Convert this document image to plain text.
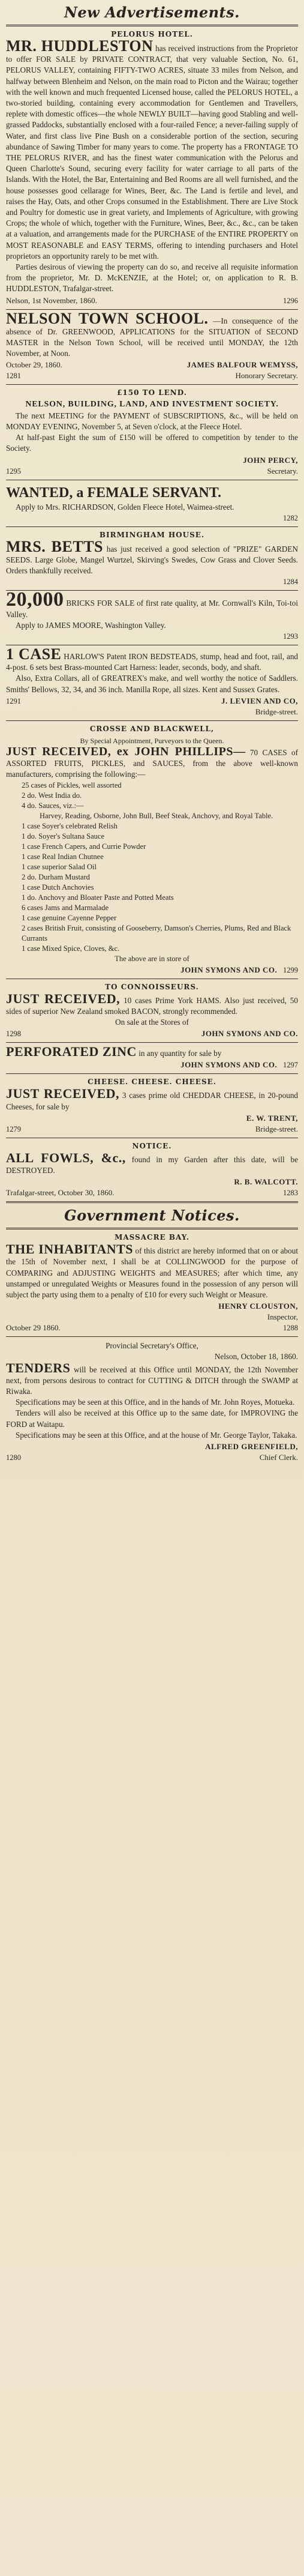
New Advertisements.
PELORUS HOTEL.

MR. HUDDLESTON has received instructions from the Proprietor to offer FOR SALE by PRIVATE CONTRACT, that very valuable Section, No. 61, PELORUS VALLEY, containing FIFTY-TWO ACRES, situate 33 miles from Nelson, and halfway between Blenheim and Nelson, on the main road to Picton and the Wairau; together with the well known and much frequented Licensed house, called the PELORUS HOTEL, a two-storied building, containing every accommodation for Gentlemen and Travellers, replete with domestic offices—the whole NEWLY BUILT—having good Stabling and well-grassed Paddocks, substantially enclosed with a four-railed Fence; a never-failing supply of Water, and first class live Pine Bush on a considerable portion of the section, securing abundance of Sawing Timber for many years to come. The property has a FRONTAGE TO THE PELORUS RIVER, and has the finest water communication with the Pelorus and Queen Charlotte's Sound, securing every facility for water carriage to all parts of the Islands. With the Hotel, the Bar, Entertaining and Bed Rooms are all well furnished, and the house possesses good cellarage for Wines, Beer, &c. The Land is fertile and level, and raises the Hay, Oats, and other Crops consumed in the Establishment. There are Live Stock and Poultry for domestic use in great variety, and Implements of Agriculture, with growing Crops; the whole of which, together with the Furniture, Wines, Beer, &c., &c., can be taken at a valuation, and arrangements made for the PURCHASE of the ENTIRE PROPERTY on MOST REASONABLE and EASY TERMS, offering to intending purchasers and Hotel proprietors an opportunity rarely to be met with.

Parties desirous of viewing the property can do so, and receive all requisite information from the proprietor, Mr. D. McKENZIE, at the Hotel; or, on application to R. B. HUDDLESTON, Trafalgar-street.

Nelson, 1st November, 1860.	1296

NELSON TOWN SCHOOL. —In consequence of the absence of Dr. GREENWOOD, APPLICATIONS for the SITUATION of SECOND MASTER in the Nelson Town School, will be received until MONDAY, the 12th November, at Noon.

October 29, 1860.	JAMES BALFOUR WEMYSS,
1281	Honorary Secretary.
£150 TO LEND.

NELSON, BUILDING, LAND, AND INVESTMENT SOCIETY.

The next MEETING for the PAYMENT of SUBSCRIPTIONS, &c., will be held on MONDAY EVENING, November 5, at Seven o'clock, at the Fleece Hotel.

At half-past Eight the sum of £150 will be offered to competition by tender to the Society.

JOHN PERCY,
1295	Secretary.

WANTED, a FEMALE SERVANT.

Apply to Mrs. RICHARDSON, Golden Fleece Hotel, Waimea-street.

1282
BIRMINGHAM HOUSE.

MRS. BETTS has just received a good selection of "PRIZE" GARDEN SEEDS. Large Globe, Mangel Wurtzel, Skirving's Swedes, Cow Grass and Clover Seeds. Orders thankfully received.

1284

20,000 BRICKS FOR SALE of first rate quality, at Mr. Cornwall's Kiln, Toi-toi Valley.

Apply to JAMES MOORE, Washington Valley.

1293

1 CASE HARLOW'S Patent IRON BEDSTEADS, stump, head and foot, rail, and 4-post. 6 sets best Brass-mounted Cart Harness: leader, seconds, body, and shaft.

Also, Extra Collars, all of GREATREX's make, and well worthy the notice of Saddlers. Smiths' Bellows, 32, 34, and 36 inch. Manilla Rope, all sizes. Kent and Sussex Grates.

1291	J. LEVIEN AND CO,
Bridge-street.
CROSSE AND BLACKWELL,

By Special Appointment, Purveyors to the Queen.

JUST RECEIVED, ex JOHN PHILLIPS— 70 CASES of ASSORTED FRUITS, PICKLES, and SAUCES, from the above well-known manufacturers, comprising the following:—

25 cases of Pickles, well assorted
2 do. West India do.
4 do. Sauces, viz.:—
Harvey, Reading, Osborne, John Bull, Beef Steak, Anchovy, and Royal Table.
1 case Soyer's celebrated Relish
1 do. Soyer's Sultana Sauce
1 case French Capers, and Currie Powder
1 case Real Indian Chutnee
1 case superior Salad Oil
2 do. Durham Mustard
1 case Dutch Anchovies
1 do. Anchovy and Bloater Paste and Potted Meats
6 cases Jams and Marmalade
1 case genuine Cayenne Pepper
2 cases British Fruit, consisting of Gooseberry, Damson's Cherries, Plums, Red and Black Currants
1 case Mixed Spice, Cloves, &c.
The above are in store of
JOHN SYMONS AND CO. 1299
TO CONNOISSEURS.

JUST RECEIVED, 10 cases Prime York HAMS. Also just received, 50 sides of superior New Zealand smoked BACON, strongly recommended.

On sale at the Stores of

1298	JOHN SYMONS AND CO.

PERFORATED ZINC in any quantity for sale by

JOHN SYMONS AND CO. 1297
CHEESE. CHEESE. CHEESE.

JUST RECEIVED, 3 cases prime old CHEDDAR CHEESE, in 20-pound Cheeses, for sale by

E. W. TRENT,
1279	Bridge-street.
NOTICE.

ALL FOWLS, &c., found in my Garden after this date, will be DESTROYED.

R. B. WALCOTT.
Trafalgar-street, October 30, 1860.	1283
Government Notices.
MASSACRE BAY.

THE INHABITANTS of this district are hereby informed that on or about the 15th of November next, I shall be at COLLINGWOOD for the purpose of COMPARING and ADJUSTING WEIGHTS and MEASURES; after which time, any unstamped or unregulated Weights or Measures found in the possession of any person will subject the party using them to a penalty of £10 for every such Weight or Measure.

HENRY CLOUSTON,
Inspector,
October 29 1860.	1288

Provincial Secretary's Office,

Nelson, October 18, 1860.

TENDERS will be received at this Office until MONDAY, the 12th November next, from persons desirous to contract for CUTTING & DITCH through the SWAMP at Riwaka.

Specifications may be seen at this Office, and in the hands of Mr. John Royes, Motueka.

Tenders will also be received at this Office up to the same date, for IMPROVING the FORD at Waitapu.

Specifications may be seen at this Office, and at the house of Mr. George Taylor, Takaka.

ALFRED GREENFIELD,
1280	Chief Clerk.
